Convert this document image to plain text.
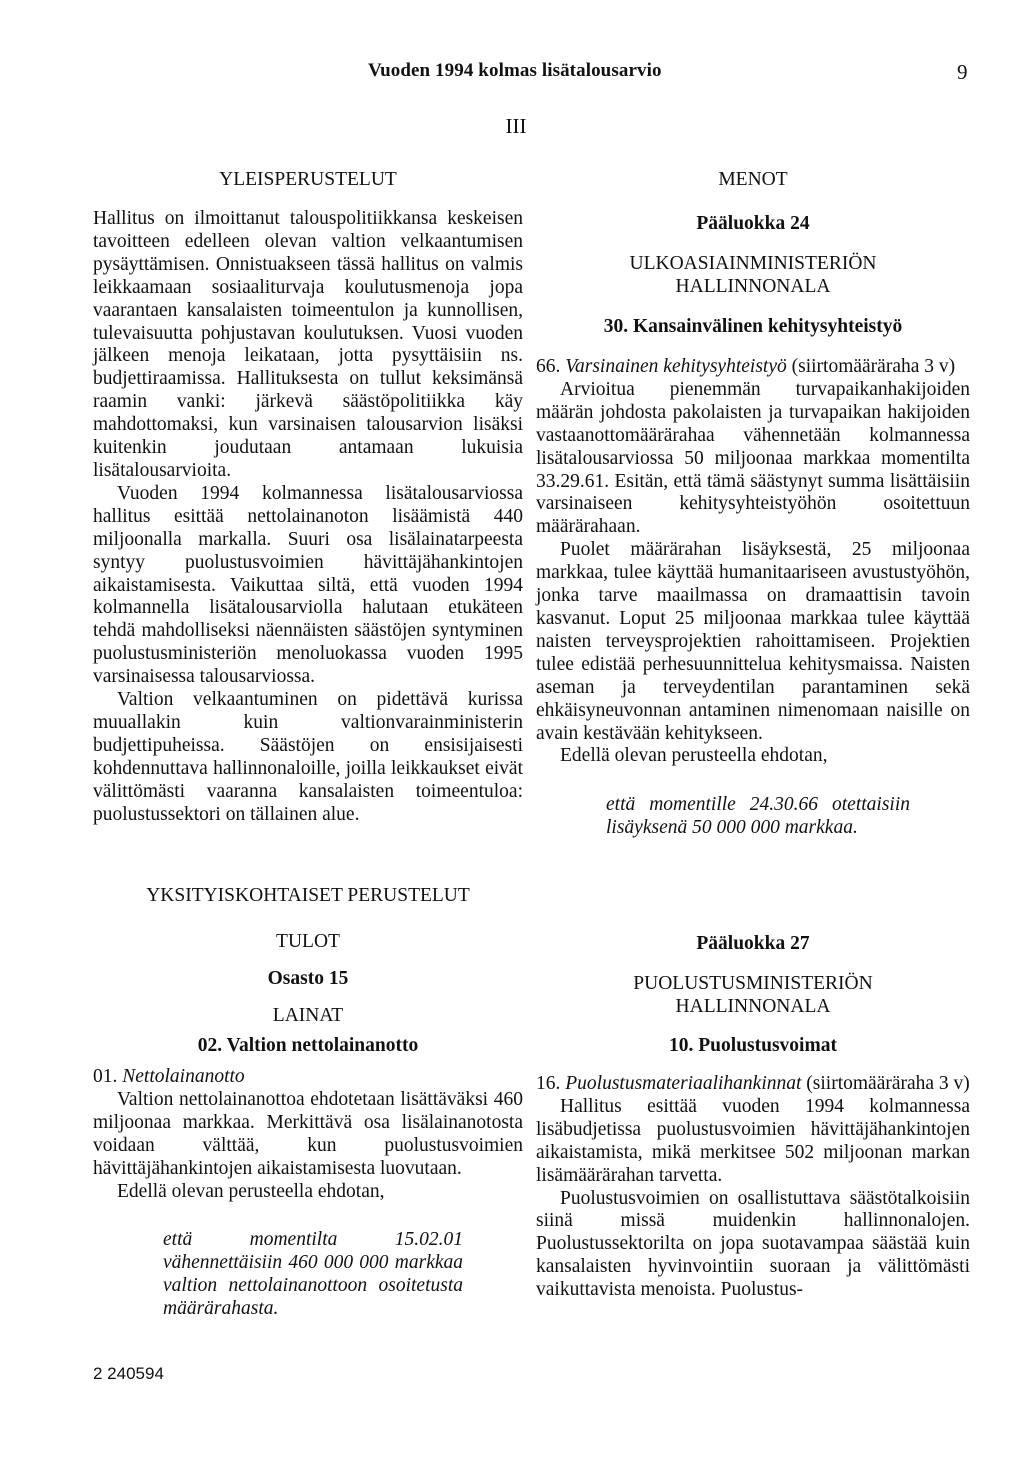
Vuoden 1994 kolmas lisätalousarvio	9
III
YLEISPERUSTELUT

Hallitus on ilmoittanut talouspolitiikkansa keskeisen tavoitteen edelleen olevan valtion velkaantumisen pysäyttämisen. Onnistuakseen tässä hallitus on valmis leikkaamaan sosiaaliturvaja koulutusmenoja jopa vaarantaen kansalaisten toimeentulon ja kunnollisen, tulevaisuutta pohjustavan koulutuksen. Vuosi vuoden jälkeen menoja leikataan, jotta pysyttäisiin ns. budjettiraamissa. Hallituksesta on tullut keksimänsä raamin vanki: järkevä säästöpolitiikka käy mahdottomaksi, kun varsinaisen talousarvion lisäksi kuitenkin joudutaan antamaan lukuisia lisätalousarvioita.

Vuoden 1994 kolmannessa lisätalousarviossa hallitus esittää nettolainanoton lisäämistä 440 miljoonalla markalla. Suuri osa lisälainatarpeesta syntyy puolustusvoimien hävittäjähankintojen aikaistamisesta. Vaikuttaa siltä, että vuoden 1994 kolmannella lisätalousarviolla halutaan etukäteen tehdä mahdolliseksi näennäisten säästöjen syntyminen puolustusministeriön menoluokassa vuoden 1995 varsinaisessa talousarviossa.

Valtion velkaantuminen on pidettävä kurissa muuallakin kuin valtionvarainministerin budjettipuheissa. Säästöjen on ensisijaisesti kohdennuttava hallinnonaloille, joilla leikkaukset eivät välittömästi vaaranna kansalaisten toimeentuloa: puolustussektori on tällainen alue.

YKSITYISKOHTAISET PERUSTELUT
TULOT
Osasto 15
LAINAT
02. Valtion nettolainanotto

01. Nettolainanotto

Valtion nettolainanottoa ehdotetaan lisättäväksi 460 miljoonaa markkaa. Merkittävä osa lisälainanotosta voidaan välttää, kun puolustusvoimien hävittäjähankintojen aikaistamisesta luovutaan.

Edellä olevan perusteella ehdotan,

että momentilta 15.02.01 vähennettäisiin 460 000 000 markkaa valtion nettolainanottoon osoitetusta määrärahasta.

MENOT
Pääluokka 24
ULKOASIAINMINISTERIÖN HALLINNONALA
30. Kansainvälinen kehitysyhteistyö

66. Varsinainen kehitysyhteistyö (siirtomääräraha 3 v)

Arvioitua pienemmän turvapaikanhakijoiden määrän johdosta pakolaisten ja turvapaikan hakijoiden vastaanottomäärärahaa vähennetään kolmannessa lisätalousarviossa 50 miljoonaa markkaa momentilta 33.29.61. Esitän, että tämä säästynyt summa lisättäisiin varsinaiseen kehitysyhteistyöhön osoitettuun määrärahaan.

Puolet määrärahan lisäyksestä, 25 miljoonaa markkaa, tulee käyttää humanitaariseen avustustyöhön, jonka tarve maailmassa on dramaattisin tavoin kasvanut. Loput 25 miljoonaa markkaa tulee käyttää naisten terveysprojektien rahoittamiseen. Projektien tulee edistää perhesuunnittelua kehitysmaissa. Naisten aseman ja terveydentilan parantaminen sekä ehkäisyneuvonnan antaminen nimenomaan naisille on avain kestävään kehitykseen.

Edellä olevan perusteella ehdotan,

että momentille 24.30.66 otettaisiin lisäyksenä 50 000 000 markkaa.

Pääluokka 27
PUOLUSTUSMINISTERIÖN HALLINNONALA
10. Puolustusvoimat

16. Puolustusmateriaalihankinnat (siirtomääräraha 3 v)

Hallitus esittää vuoden 1994 kolmannessa lisäbudjetissa puolustusvoimien hävittäjähankintojen aikaistamista, mikä merkitsee 502 miljoonan markan lisämäärärahan tarvetta.

Puolustusvoimien on osallistuttava säästötalkoisiin siinä missä muidenkin hallinnonalojen. Puolustussektorilta on jopa suotavampaa säästää kuin kansalaisten hyvinvointiin suoraan ja välittömästi vaikuttavista menoista. Puolustus-

2 240594
